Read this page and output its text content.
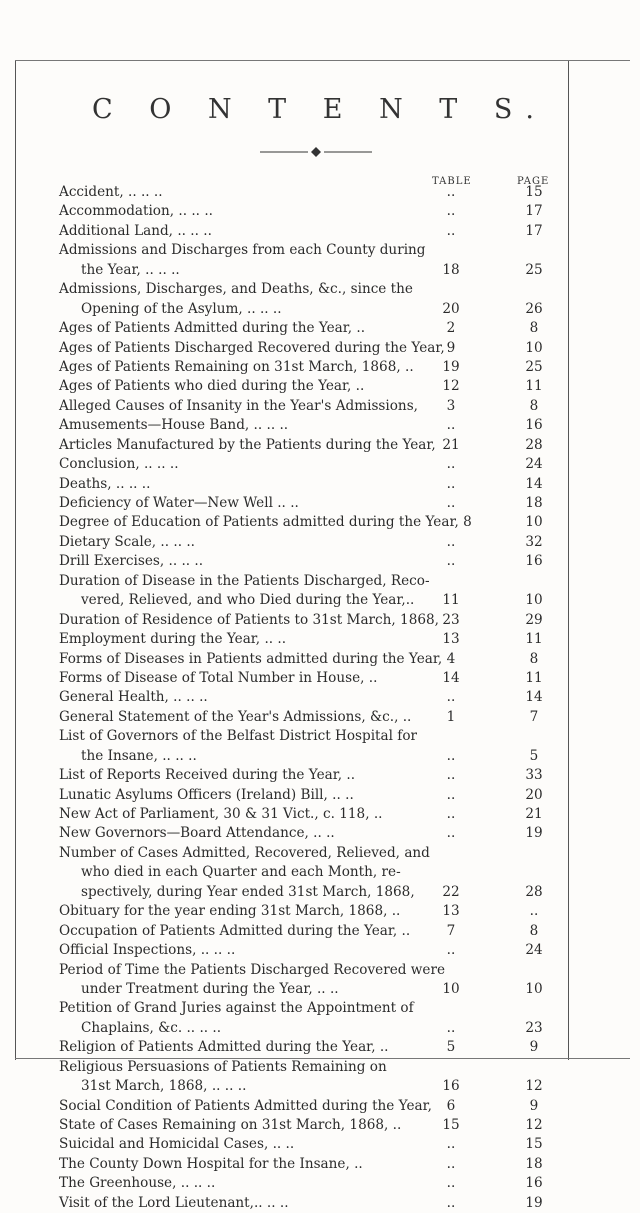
C O N T E N T S.
TABLE	PAGE
Accident, .. .. ..	..	15
Accommodation, .. .. ..	..	17
Additional Land, .. .. ..	..	17
Admissions and Discharges from each County during
the Year, .. .. ..	18	25
Admissions, Discharges, and Deaths, &c., since the
Opening of the Asylum, .. .. ..	20	26
Ages of Patients Admitted during the Year, ..	2	8
Ages of Patients Discharged Recovered during the Year, 9	10
Ages of Patients Remaining on 31st March, 1868, ..	19	25
Ages of Patients who died during the Year, ..	12	11
Alleged Causes of Insanity in the Year's Admissions,	3	8
Amusements—House Band, .. .. ..	..	16
Articles Manufactured by the Patients during the Year, 21	28
Conclusion, .. .. ..	..	24
Deaths, .. .. ..	..	14
Deficiency of Water—New Well .. ..	..	18
Degree of Education of Patients admitted during the Year, 8	10
Dietary Scale, .. .. ..	..	32
Drill Exercises, .. .. ..	..	16
Duration of Disease in the Patients Discharged, Reco-
vered, Relieved, and who Died during the Year,..	11	10
Duration of Residence of Patients to 31st March, 1868, 23	29
Employment during the Year, .. ..	13	11
Forms of Diseases in Patients admitted during the Year, 4	8
Forms of Disease of Total Number in House, ..	14	11
General Health, .. .. ..	..	14
General Statement of the Year's Admissions, &c., ..	1	7
List of Governors of the Belfast District Hospital for
the Insane, .. .. ..	..	5
List of Reports Received during the Year, ..	..	33
Lunatic Asylums Officers (Ireland) Bill, .. ..	..	20
New Act of Parliament, 30 & 31 Vict., c. 118, ..	..	21
New Governors—Board Attendance, .. ..	..	19
Number of Cases Admitted, Recovered, Relieved, and
who died in each Quarter and each Month, re-
spectively, during Year ended 31st March, 1868,	22	28
Obituary for the year ending 31st March, 1868, ..	13	..
Occupation of Patients Admitted during the Year, ..	7	8
Official Inspections, .. .. ..	..	24
Period of Time the Patients Discharged Recovered were
under Treatment during the Year, .. ..	10	10
Petition of Grand Juries against the Appointment of
Chaplains, &c. .. .. ..	..	23
Religion of Patients Admitted during the Year, ..	5	9
Religious Persuasions of Patients Remaining on
31st March, 1868, .. .. ..	16	12
Social Condition of Patients Admitted during the Year,	6	9
State of Cases Remaining on 31st March, 1868, ..	15	12
Suicidal and Homicidal Cases, .. ..	..	15
The County Down Hospital for the Insane, ..	..	18
The Greenhouse, .. .. ..	..	16
Visit of the Lord Lieutenant,.. .. ..	..	19
